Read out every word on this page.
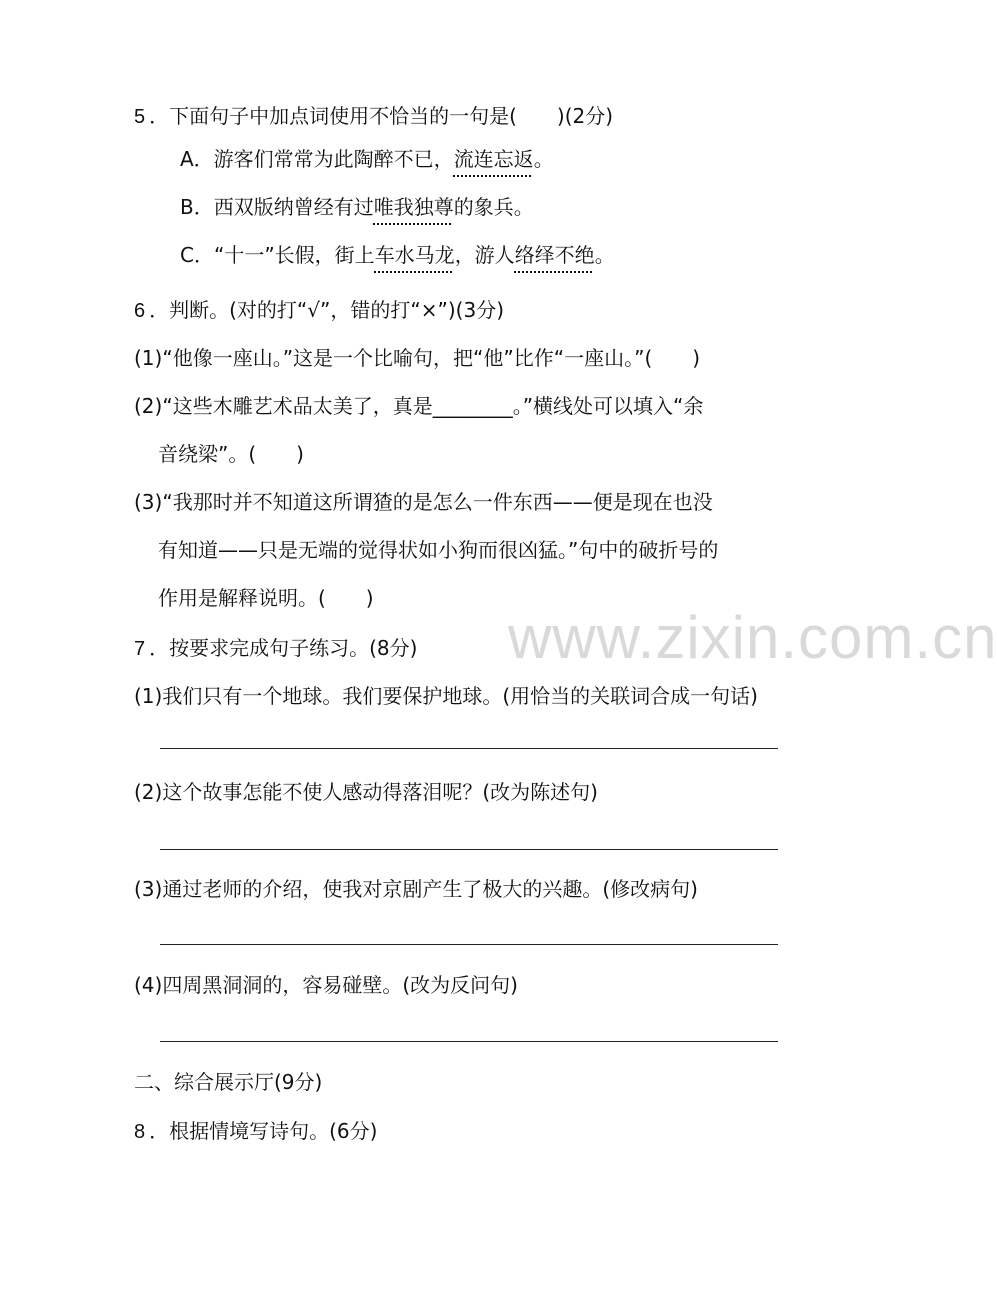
www.zixin.com.cn
5 ．下面句子中加点词使用不恰当的一句是(　　)(2分)
A．游客们常常为此陶醉不已，流连忘返。
B．西双版纳曾经有过唯我独尊的象兵。
C．“十一”长假，街上车水马龙，游人络绎不绝。
6 ．判断。(对的打“√”，错的打“×”)(3分)
(1)“他像一座山。”这是一个比喻句，把“他”比作“一座山。”(　　)
(2)“这些木雕艺术品太美了，真是________。”横线处可以填入“余
音绕梁”。(　　)
(3)“我那时并不知道这所谓猹的是怎么一件东西——便是现在也没
有知道——只是无端的觉得状如小狗而很凶猛。”句中的破折号的
作用是解释说明。(　　)
7 ．按要求完成句子练习。(8分)
(1)我们只有一个地球。我们要保护地球。(用恰当的关联词合成一句话)
(2)这个故事怎能不使人感动得落泪呢？(改为陈述句)
(3)通过老师的介绍，使我对京剧产生了极大的兴趣。(修改病句)
(4)四周黑洞洞的，容易碰壁。(改为反问句)
二、综合展示厅(9分)
8 ．根据情境写诗句。(6分)
